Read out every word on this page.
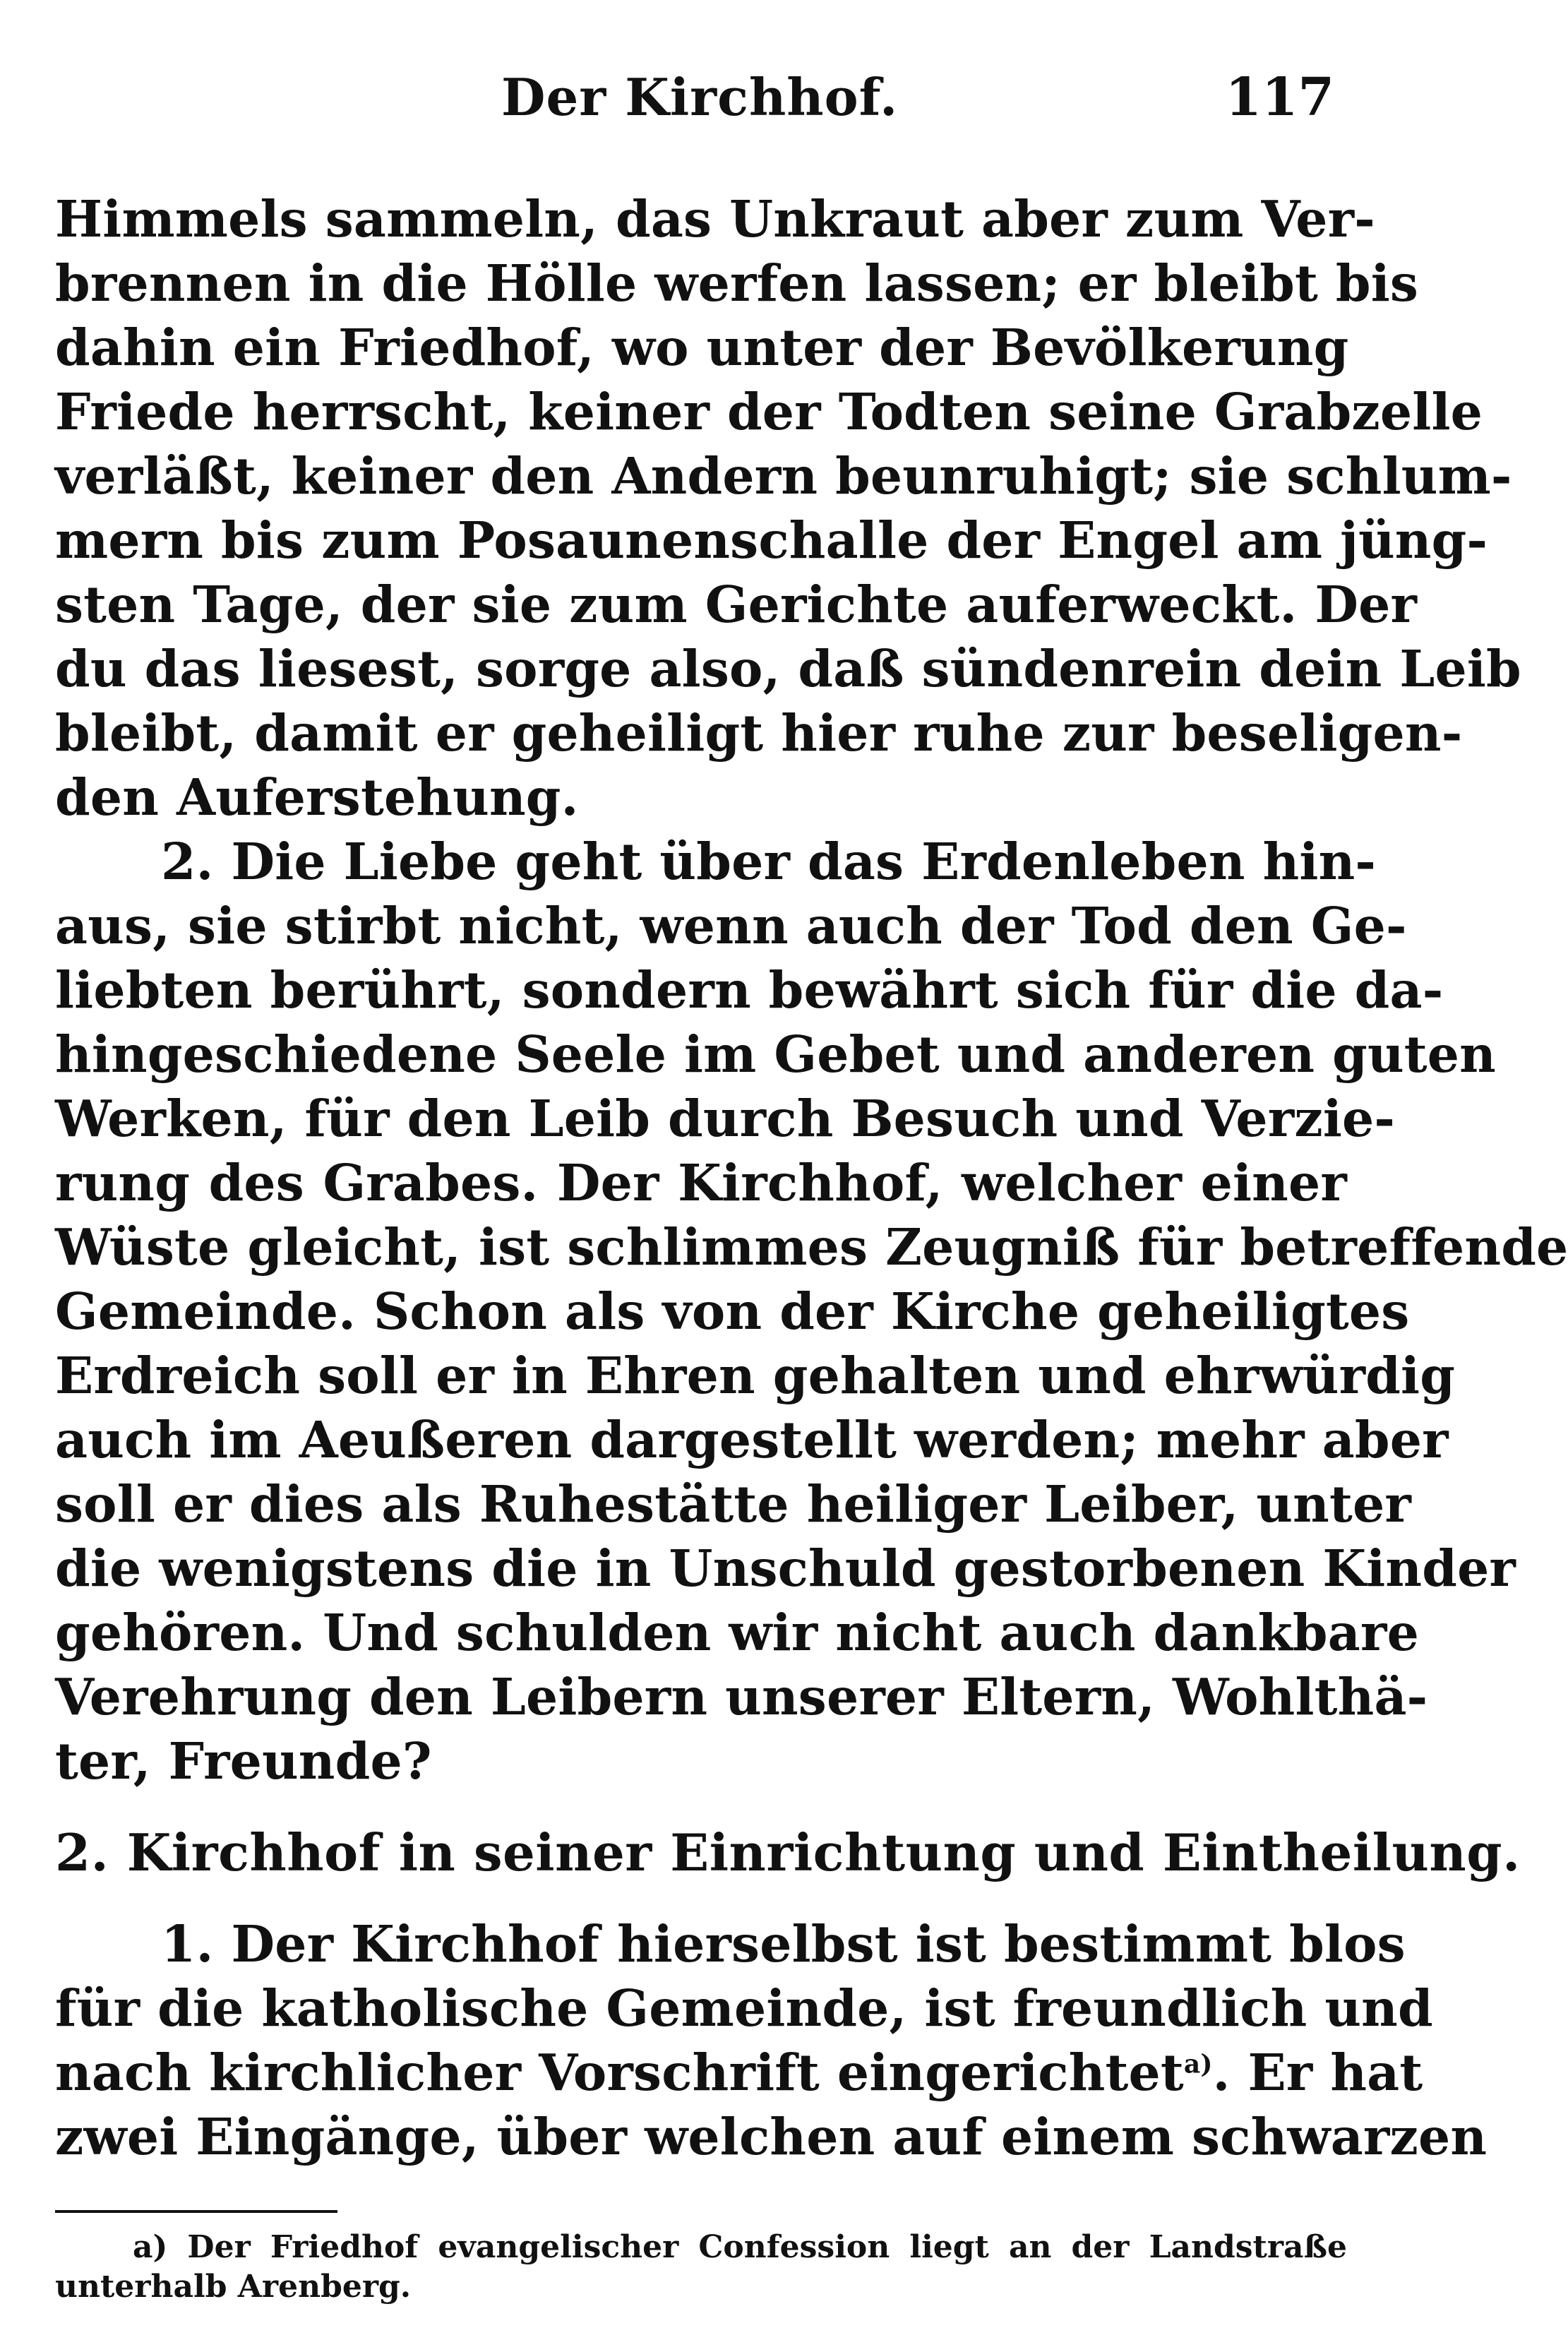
Der Kirchhof.	117
Himmels sammeln, das Unkraut aber zum Ver-
brennen in die Hölle werfen lassen; er bleibt bis
dahin ein Friedhof, wo unter der Bevölkerung
Friede herrscht, keiner der Todten seine Grabzelle
verläßt, keiner den Andern beunruhigt; sie schlum-
mern bis zum Posaunenschalle der Engel am jüng-
sten Tage, der sie zum Gerichte auferweckt. Der
du das liesest, sorge also, daß sündenrein dein Leib
bleibt, damit er geheiligt hier ruhe zur beseligen-
den Auferstehung.
2. Die Liebe geht über das Erdenleben hin-
aus, sie stirbt nicht, wenn auch der Tod den Ge-
liebten berührt, sondern bewährt sich für die da-
hingeschiedene Seele im Gebet und anderen guten
Werken, für den Leib durch Besuch und Verzie-
rung des Grabes. Der Kirchhof, welcher einer
Wüste gleicht, ist schlimmes Zeugniß für betreffende
Gemeinde. Schon als von der Kirche geheiligtes
Erdreich soll er in Ehren gehalten und ehrwürdig
auch im Aeußeren dargestellt werden; mehr aber
soll er dies als Ruhestätte heiliger Leiber, unter
die wenigstens die in Unschuld gestorbenen Kinder
gehören. Und schulden wir nicht auch dankbare
Verehrung den Leibern unserer Eltern, Wohlthä-
ter, Freunde?
2. Kirchhof in seiner Einrichtung und Eintheilung.
1. Der Kirchhof hierselbst ist bestimmt blos
für die katholische Gemeinde, ist freundlich und
nach kirchlicher Vorschrift eingerichtet$^{a)}$. Er hat
zwei Eingänge, über welchen auf einem schwarzen
a) Der Friedhof evangelischer Confession liegt an der Landstraße
unterhalb Arenberg.
